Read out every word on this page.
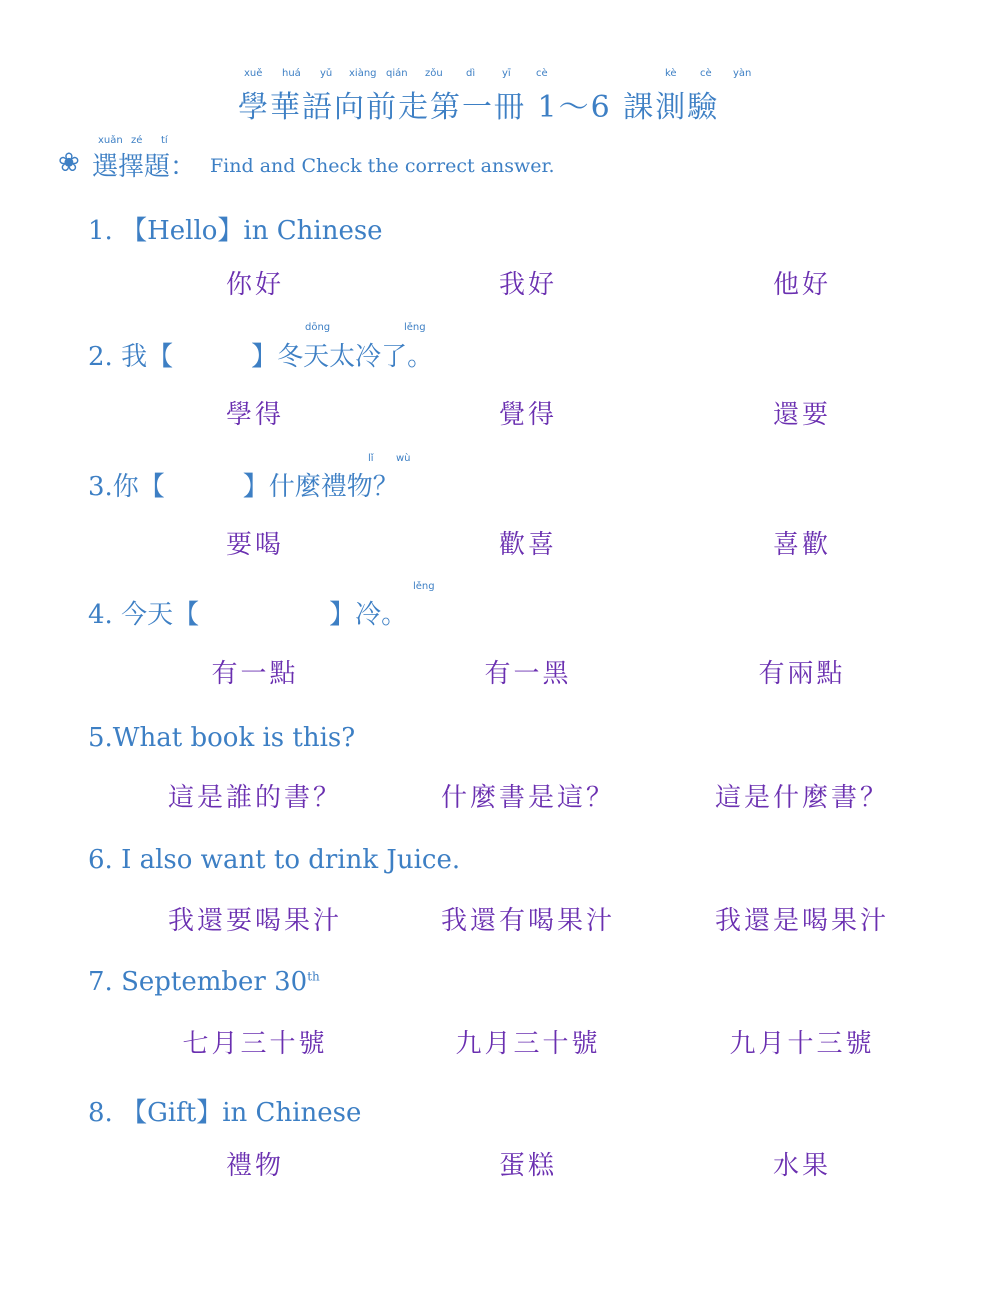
xuě huá yǔ xiàng qián zǒu dì	yī	cè	kè cè yàn
學華語向前走第一冊 1～6 課測驗
xuǎn zé tí
❀ 選擇題： Find and Check the correct answer.
1. 【Hello】in Chinese
你好	我好	他好
dōng	lěng
2. 我【　　　】冬天太冷了。
學得	覺得	還要
lǐ wù
3.你【　　　】什麼禮物？
要喝	歡喜	喜歡
lěng
4. 今天【　　　　　】冷。
有一點	有一黑	有兩點
5.What book is this?
這是誰的書？	什麼書是這？	這是什麼書？
6. I also want to drink Juice.
我還要喝果汁	我還有喝果汁	我還是喝果汁
7. September 30th
七月三十號	九月三十號	九月十三號
8. 【Gift】in Chinese
禮物	蛋糕	水果
